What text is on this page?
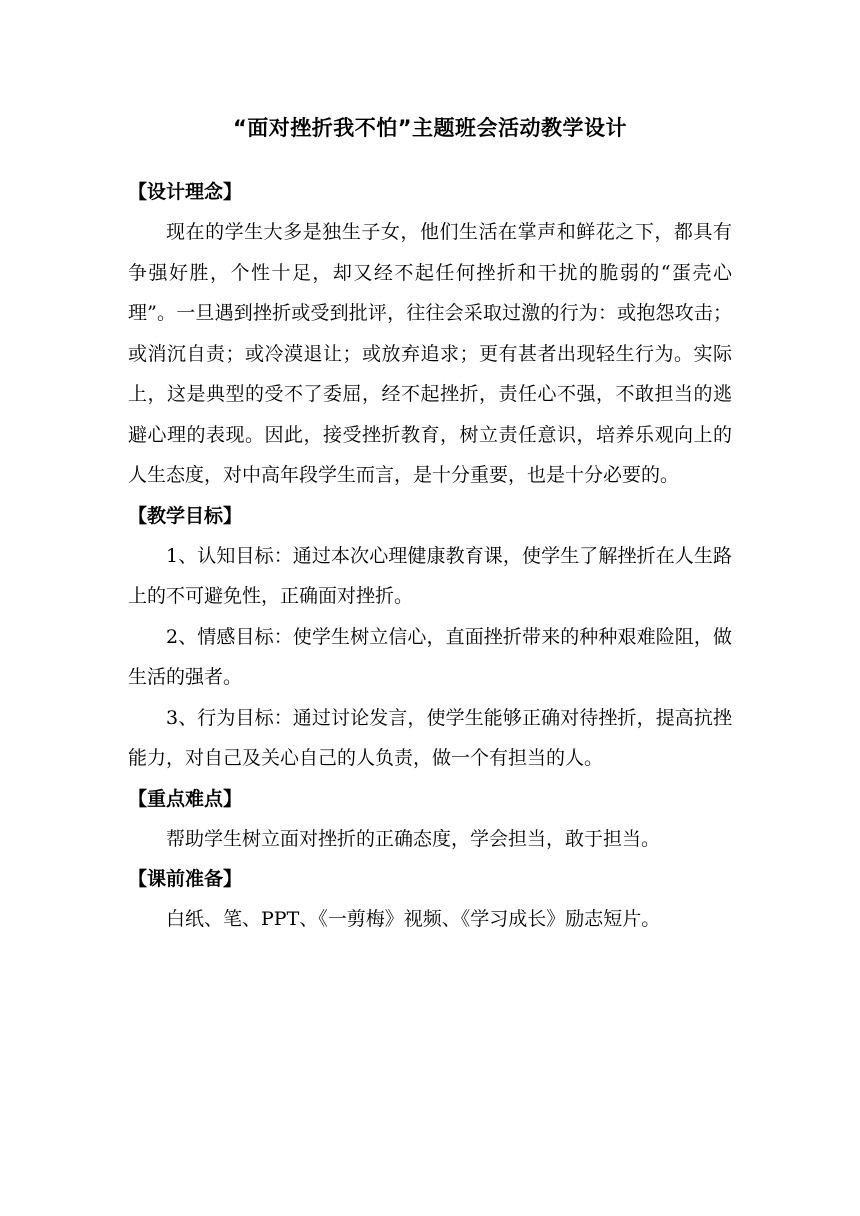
“面对挫折我不怕”主题班会活动教学设计
【设计理念】

现在的学生大多是独生子女，他们生活在掌声和鲜花之下，都具有争强好胜，个性十足，却又经不起任何挫折和干扰的脆弱的“蛋壳心理”。一旦遇到挫折或受到批评，往往会采取过激的行为：或抱怨攻击；或消沉自责；或冷漠退让；或放弃追求；更有甚者出现轻生行为。实际上，这是典型的受不了委屈，经不起挫折，责任心不强，不敢担当的逃避心理的表现。因此，接受挫折教育，树立责任意识，培养乐观向上的人生态度，对中高年段学生而言，是十分重要，也是十分必要的。

【教学目标】

1、认知目标：通过本次心理健康教育课，使学生了解挫折在人生路上的不可避免性，正确面对挫折。

2、情感目标：使学生树立信心，直面挫折带来的种种艰难险阻，做生活的强者。

3、行为目标：通过讨论发言，使学生能够正确对待挫折，提高抗挫能力，对自己及关心自己的人负责，做一个有担当的人。

【重点难点】

帮助学生树立面对挫折的正确态度，学会担当，敢于担当。

【课前准备】

白纸、笔、PPT、《一剪梅》视频、《学习成长》励志短片。
